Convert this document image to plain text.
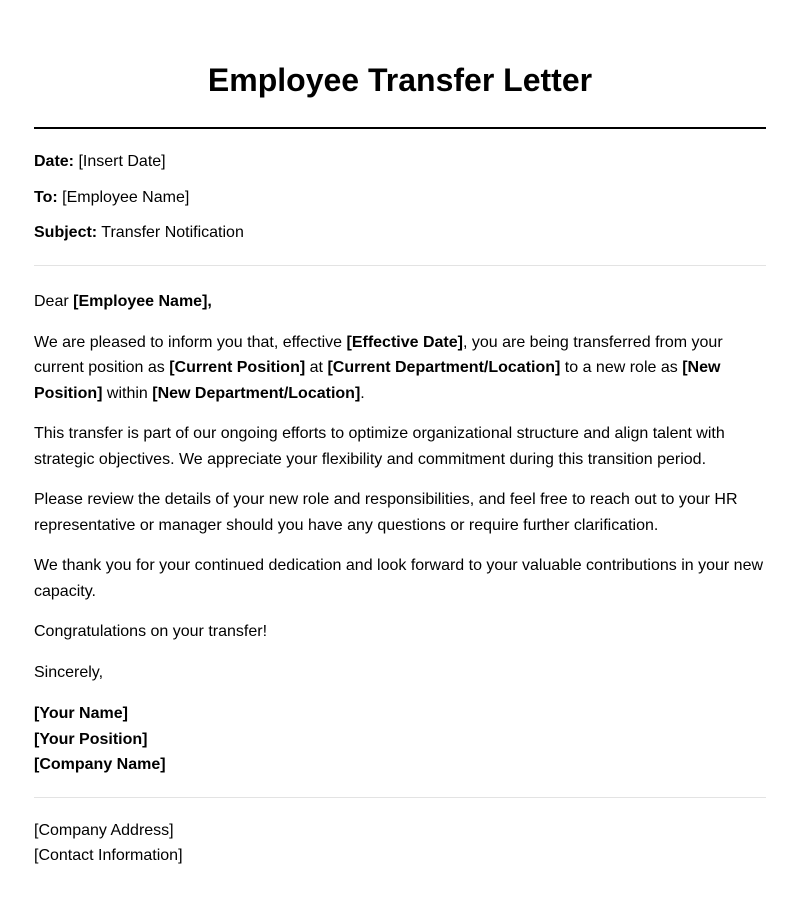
Employee Transfer Letter
Date: [Insert Date]
To: [Employee Name]
Subject: Transfer Notification

Dear [Employee Name],

We are pleased to inform you that, effective [Effective Date], you are being transferred from your current position as [Current Position] at [Current Department/Location] to a new role as [New Position] within [New Department/Location].

This transfer is part of our ongoing efforts to optimize organizational structure and align talent with strategic objectives. We appreciate your flexibility and commitment during this transition period.

Please review the details of your new role and responsibilities, and feel free to reach out to your HR representative or manager should you have any questions or require further clarification.

We thank you for your continued dedication and look forward to your valuable contributions in your new capacity.

Congratulations on your transfer!

Sincerely,

[Your Name]
[Your Position]
[Company Name]
[Company Address]
[Contact Information]
